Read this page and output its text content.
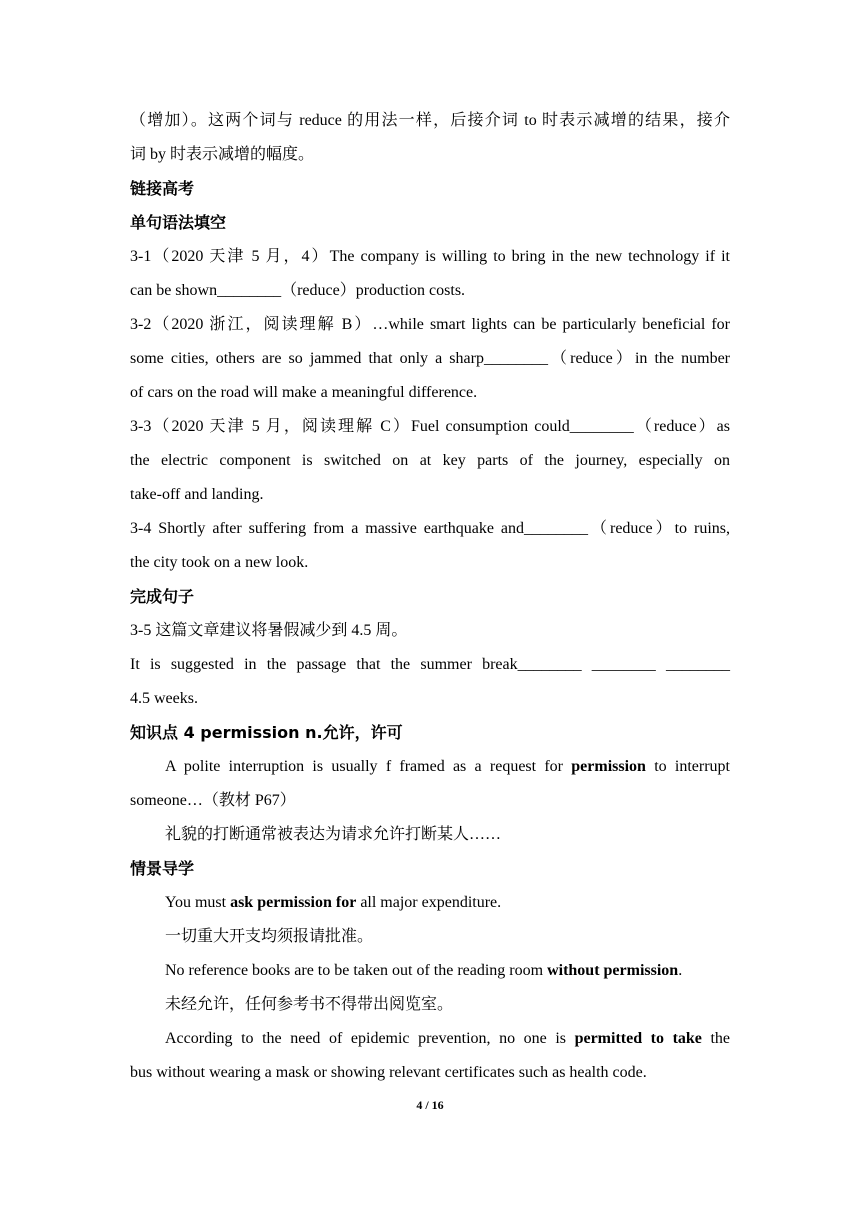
（增加）。这两个词与 reduce 的用法一样，后接介词 to 时表示减增的结果，接介
词 by 时表示减增的幅度。
链接高考
单句语法填空
3-1（2020 天津 5 月，4）The company is willing to bring in the new technology if it
can be shown________（reduce）production costs.
3-2（2020 浙江，阅读理解 B）…while smart lights can be particularly beneficial for
some cities, others are so jammed that only a sharp________（reduce）in the number
of cars on the road will make a meaningful difference.
3-3（2020 天津 5 月，阅读理解 C）Fuel consumption could________（reduce）as
the electric component is switched on at key parts of the journey, especially on
take-off and landing.
3-4 Shortly after suffering from a massive earthquake and________（reduce）to ruins,
the city took on a new look.
完成句子
3-5 这篇文章建议将暑假减少到 4.5 周。
It is suggested in the passage that the summer break________ ________ ________
4.5 weeks.
知识点 4 permission n.允许，许可
A polite interruption is usually f framed as a request for permission to interrupt
someone…（教材 P67）
礼貌的打断通常被表达为请求允许打断某人……
情景导学
You must ask permission for all major expenditure.
一切重大开支均须报请批准。
No reference books are to be taken out of the reading room without permission.
未经允许，任何参考书不得带出阅览室。
According to the need of epidemic prevention, no one is permitted to take the
bus without wearing a mask or showing relevant certificates such as health code.
4 / 16
